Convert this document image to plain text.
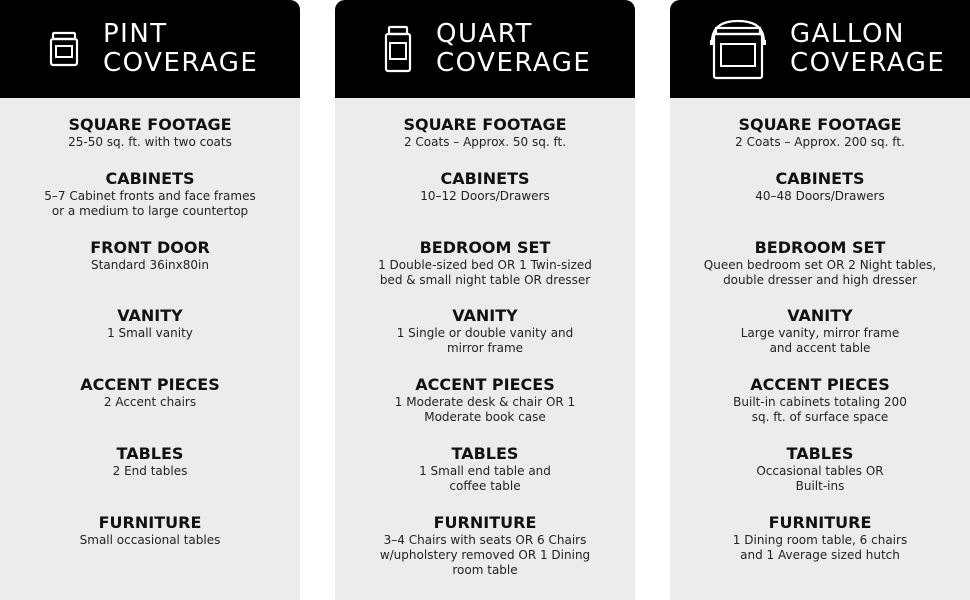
PINT
COVERAGE
SQUARE FOOTAGE
25-50 sq. ft. with two coats
CABINETS
5–7 Cabinet fronts and face frames
or a medium to large countertop
FRONT DOOR
Standard 36inx80in
VANITY
1 Small vanity
ACCENT PIECES
2 Accent chairs
TABLES
2 End tables
FURNITURE
Small occasional tables
QUART
COVERAGE
SQUARE FOOTAGE
2 Coats – Approx. 50 sq. ft.
CABINETS
10–12 Doors/Drawers
BEDROOM SET
1 Double-sized bed OR 1 Twin-sized
bed & small night table OR dresser
VANITY
1 Single or double vanity and
mirror frame
ACCENT PIECES
1 Moderate desk & chair OR 1
Moderate book case
TABLES
1 Small end table and
coffee table
FURNITURE
3–4 Chairs with seats OR 6 Chairs
w/upholstery removed OR 1 Dining
room table
GALLON
COVERAGE
SQUARE FOOTAGE
2 Coats – Approx. 200 sq. ft.
CABINETS
40–48 Doors/Drawers
BEDROOM SET
Queen bedroom set OR 2 Night tables,
double dresser and high dresser
VANITY
Large vanity, mirror frame
and accent table
ACCENT PIECES
Built-in cabinets totaling 200
sq. ft. of surface space
TABLES
Occasional tables OR
Built-ins
FURNITURE
1 Dining room table, 6 chairs
and 1 Average sized hutch
